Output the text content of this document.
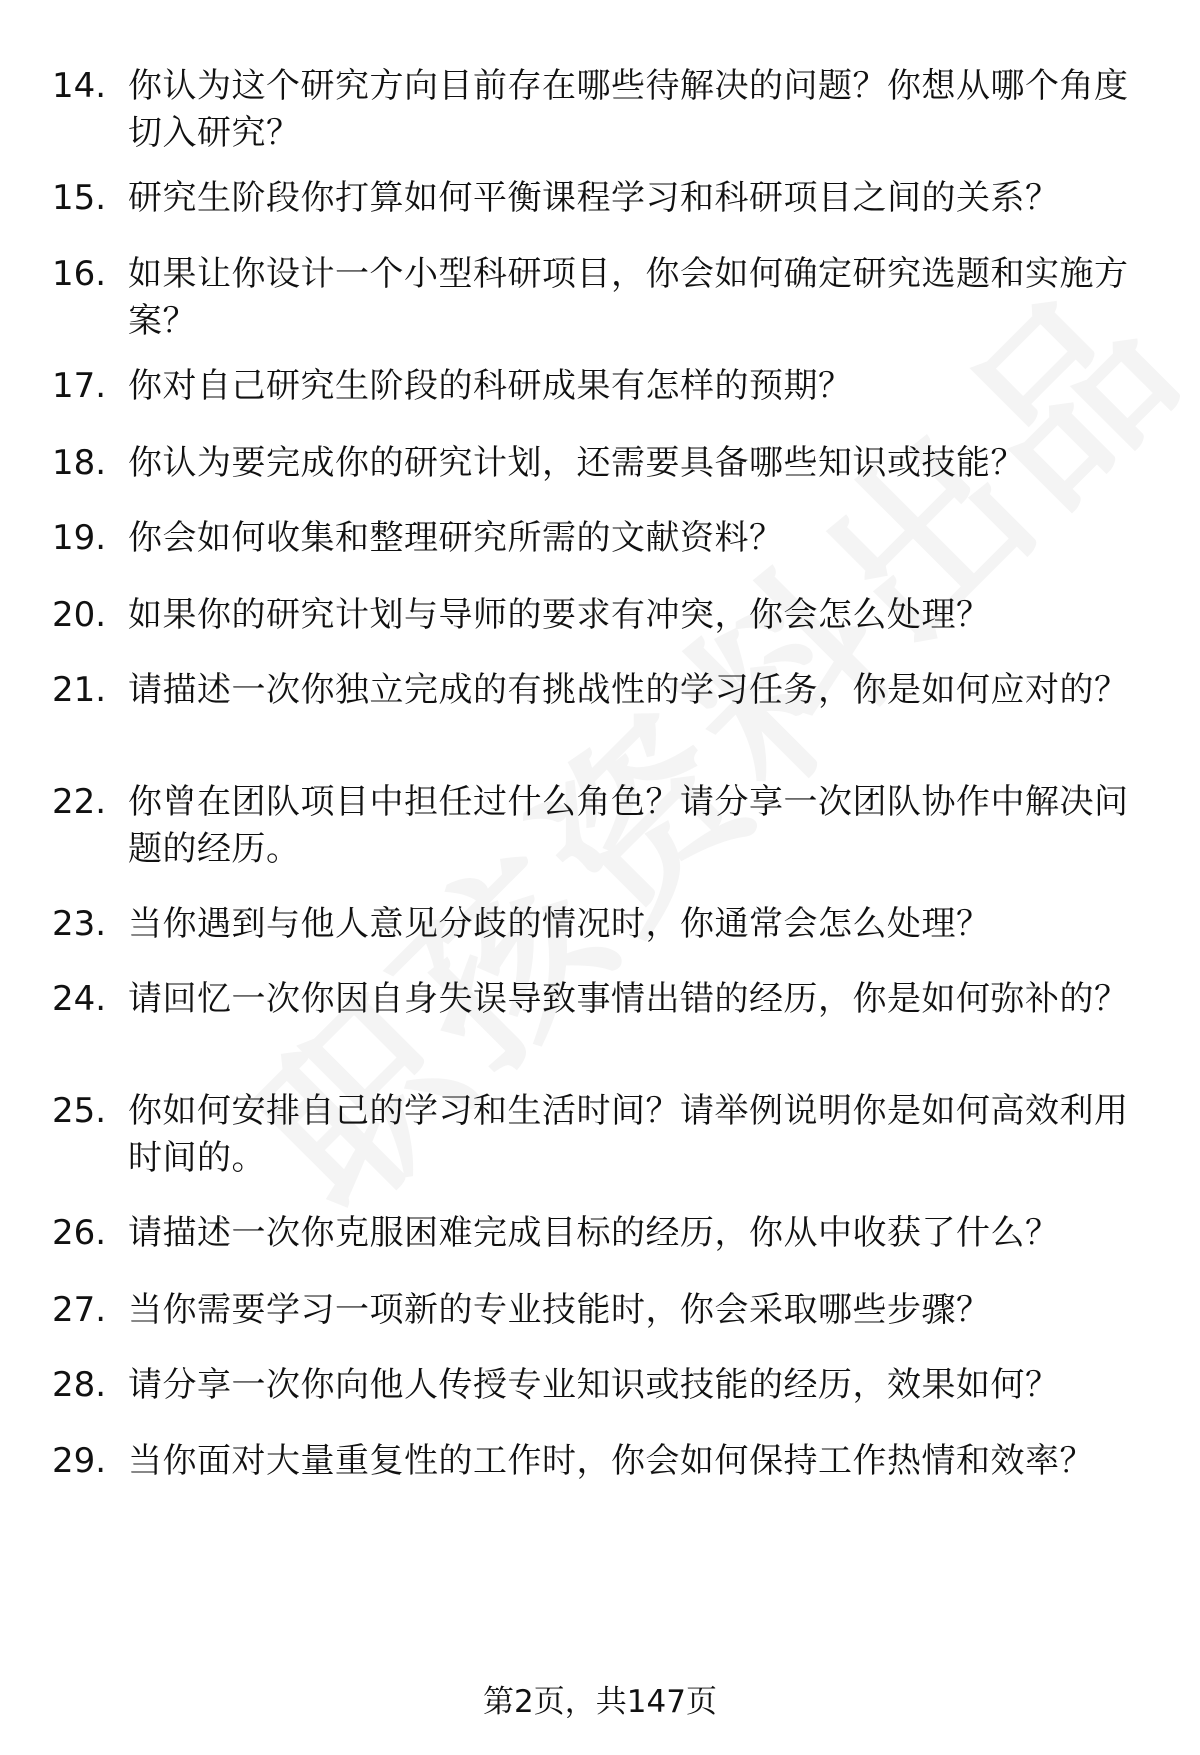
14. 你认为这个研究方向目前存在哪些待解决的问题？你想从哪个角度切入研究？
15. 研究生阶段你打算如何平衡课程学习和科研项目之间的关系？
16. 如果让你设计一个小型科研项目，你会如何确定研究选题和实施方案？
17. 你对自己研究生阶段的科研成果有怎样的预期？
18. 你认为要完成你的研究计划，还需要具备哪些知识或技能？
19. 你会如何收集和整理研究所需的文献资料？
20. 如果你的研究计划与导师的要求有冲突，你会怎么处理？
21. 请描述一次你独立完成的有挑战性的学习任务，你是如何应对的？
22. 你曾在团队项目中担任过什么角色？请分享一次团队协作中解决问题的经历。
23. 当你遇到与他人意见分歧的情况时，你通常会怎么处理？
24. 请回忆一次你因自身失误导致事情出错的经历，你是如何弥补的？
25. 你如何安排自己的学习和生活时间？请举例说明你是如何高效利用时间的。
26. 请描述一次你克服困难完成目标的经历，你从中收获了什么？
27. 当你需要学习一项新的专业技能时，你会采取哪些步骤？
28. 请分享一次你向他人传授专业知识或技能的经历，效果如何？
29. 当你面对大量重复性的工作时，你会如何保持工作热情和效率？
第2页，共147页
